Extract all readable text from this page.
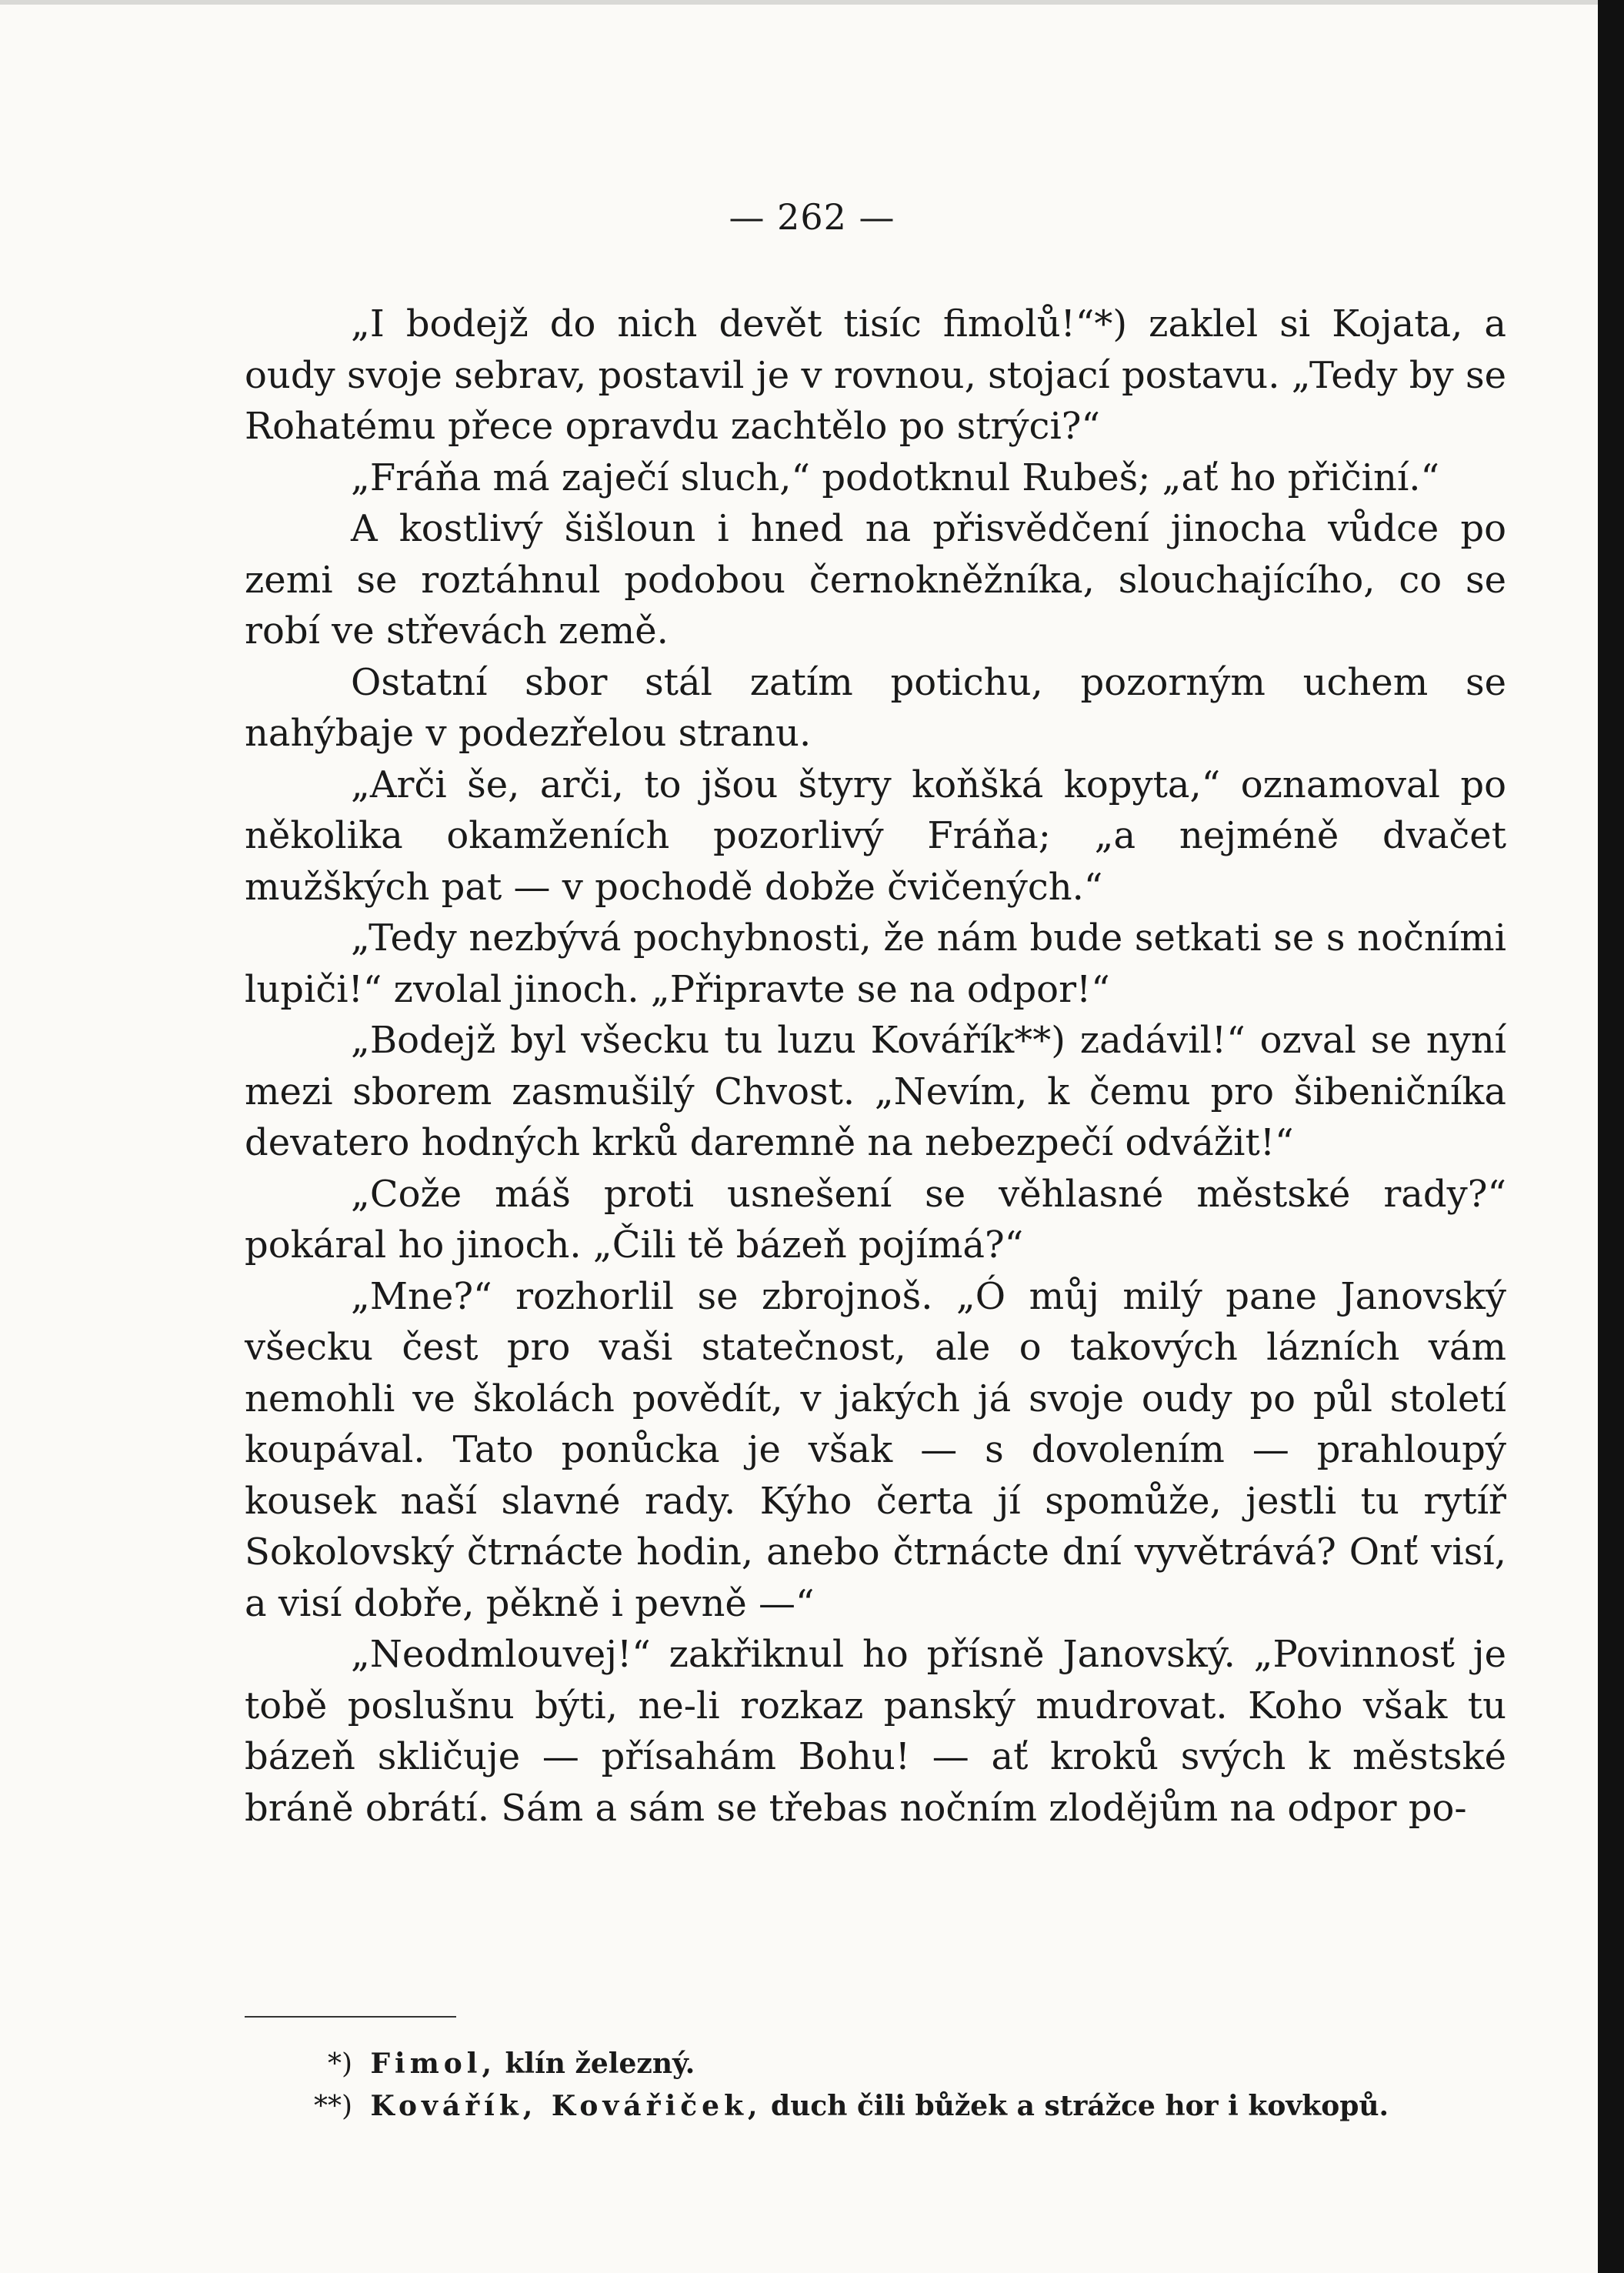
— 262 —

„I bodejž do nich devět tisíc fimolů!“*) zaklel si Kojata, a oudy svoje sebrav, postavil je v rovnou, stojací postavu. „Tedy by se Rohatému přece opravdu zachtělo po strýci?“

„Fráňa má zaječí sluch,“ podotknul Rubeš; „ať ho přičiní.“

A kostlivý šišloun i hned na přisvědčení jinocha vůdce po zemi se roztáhnul podobou černokněžníka, slouchajícího, co se robí ve střevách země.

Ostatní sbor stál zatím potichu, pozorným uchem se nahýbaje v podezřelou stranu.

„Arči še, arči, to jšou štyry koňšká kopyta,“ oznamoval po několika okamženích pozorlivý Fráňa; „a nejméně dvačet mužškých pat — v pochodě dobže čvičených.“

„Tedy nezbývá pochybnosti, že nám bude setkati se s nočními lupiči!“ zvolal jinoch. „Připravte se na odpor!“

„Bodejž byl všecku tu luzu Kovářík**) zadávil!“ ozval se nyní mezi sborem zasmušilý Chvost. „Nevím, k čemu pro šibeničníka devatero hodných krků daremně na nebezpečí odvážit!“

„Cože máš proti usnešení se věhlasné městské rady?“ pokáral ho jinoch. „Čili tě bázeň pojímá?“

„Mne?“ rozhorlil se zbrojnoš. „Ó můj milý pane Janovský všecku čest pro vaši statečnost, ale o takových lázních vám nemohli ve školách povědít, v jakých já svoje oudy po půl století koupával. Tato ponůcka je však — s dovolením — prahloupý kousek naší slavné rady. Kýho čerta jí spomůže, jestli tu rytíř Sokolovský čtrnácte hodin, anebo čtrnácte dní vyvětrává? Onť visí, a visí dobře, pěkně i pevně —“

„Neodmlouvej!“ zakřiknul ho přísně Janovský. „Povinnosť je tobě poslušnu býti, ne-li rozkaz panský mudrovat. Koho však tu bázeň skličuje — přísahám Bohu! — ať kroků svých k městské bráně obrátí. Sám a sám se třebas nočním zlodějům na odpor po-

*) Fimol, klín železný.

**) Kovářík, Kovářiček, duch čili bůžek a strážce hor i kovkopů.
